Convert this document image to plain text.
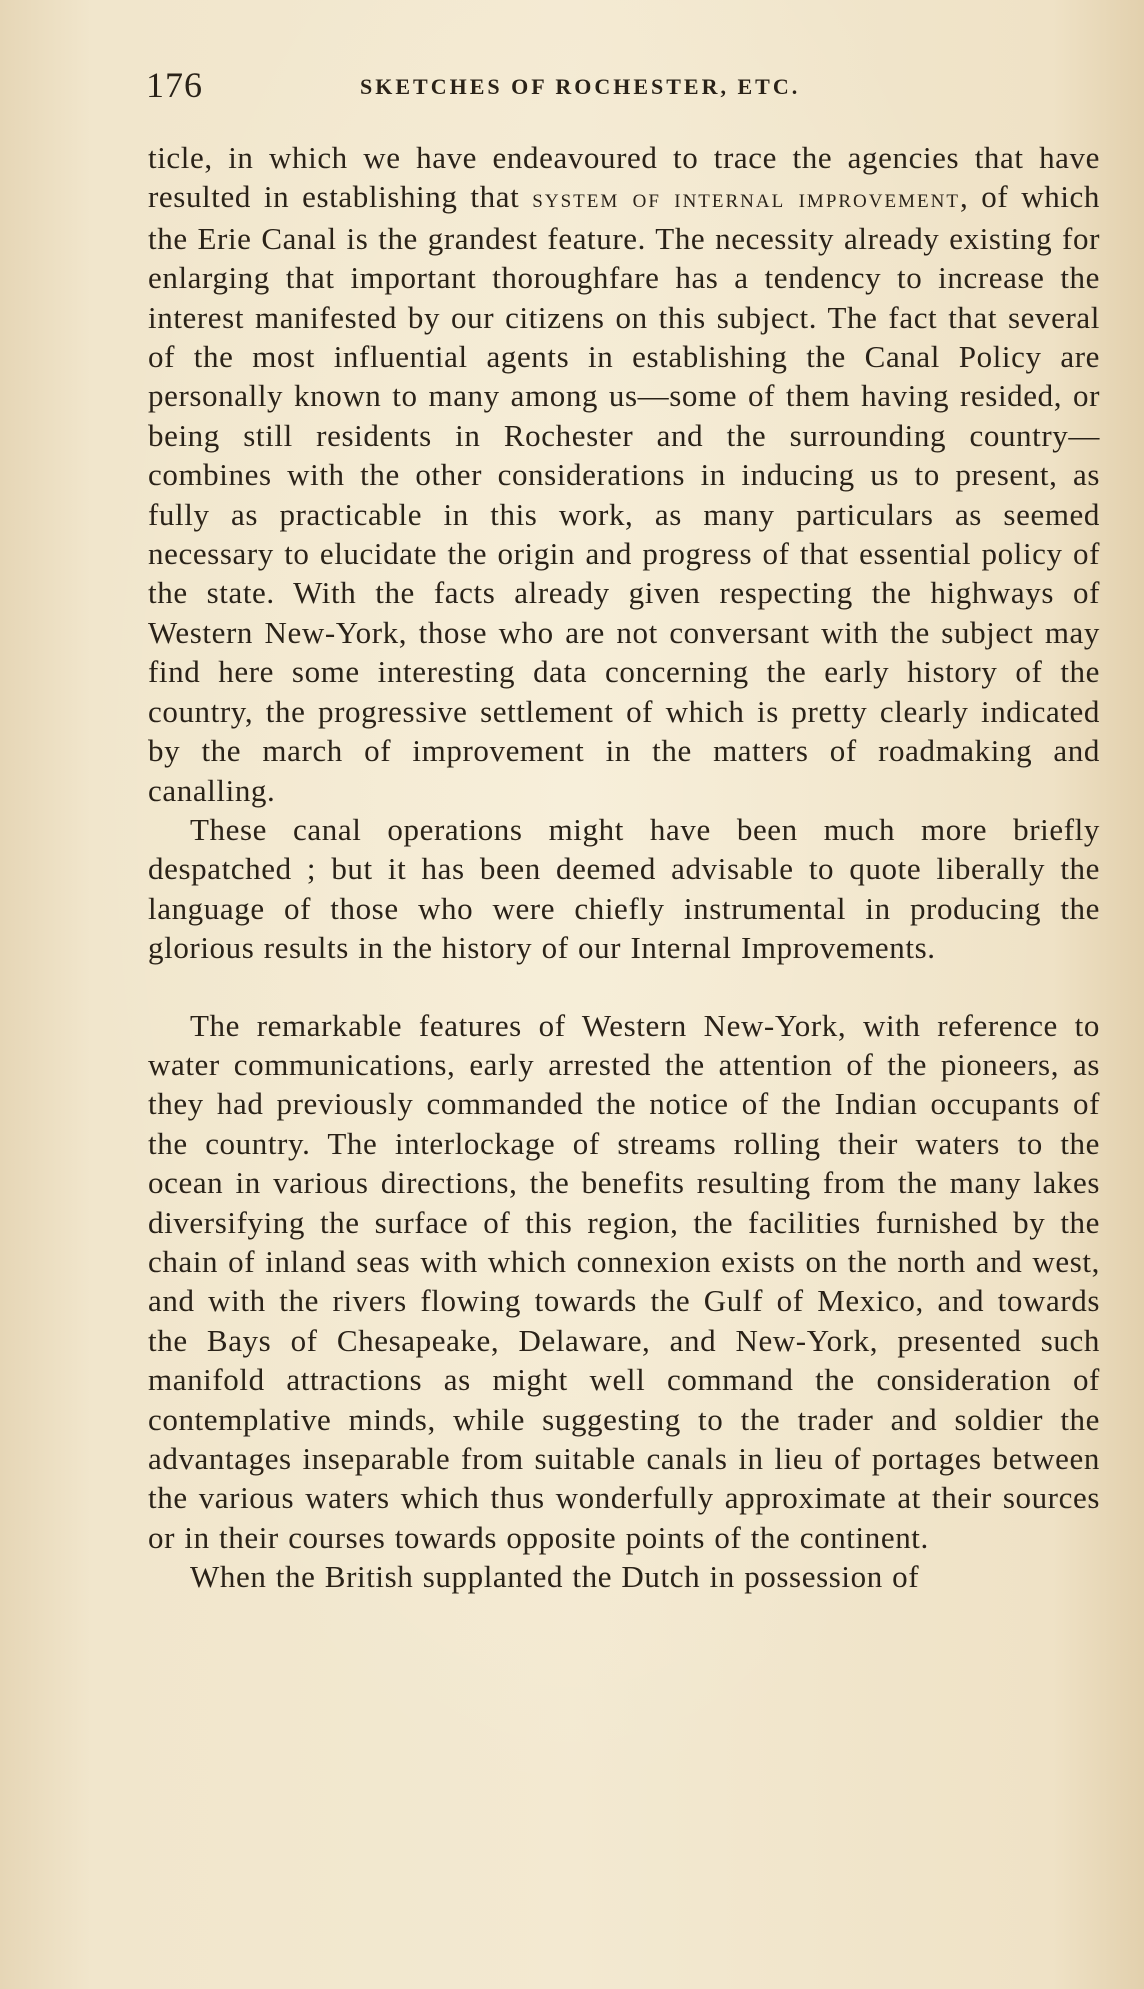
176	SKETCHES OF ROCHESTER, ETC.

ticle, in which we have endeavoured to trace the agencies that have resulted in establishing that system of internal improvement, of which the Erie Canal is the grandest feature. The necessity already existing for enlarging that important thoroughfare has a tendency to increase the interest manifested by our citizens on this subject. The fact that several of the most influential agents in establishing the Canal Policy are personally known to many among us—some of them having resided, or being still residents in Rochester and the surrounding country—combines with the other considerations in inducing us to present, as fully as practicable in this work, as many particulars as seemed necessary to elucidate the origin and progress of that essential policy of the state. With the facts already given respecting the highways of Western New-York, those who are not conversant with the subject may find here some interesting data concerning the early history of the country, the progressive settlement of which is pretty clearly indicated by the march of improvement in the matters of roadmaking and canalling.

These canal operations might have been much more briefly despatched ; but it has been deemed advisable to quote liberally the language of those who were chiefly instrumental in producing the glorious results in the history of our Internal Improvements.

The remarkable features of Western New-York, with reference to water communications, early arrested the attention of the pioneers, as they had previously commanded the notice of the Indian occupants of the country. The interlockage of streams rolling their waters to the ocean in various directions, the benefits resulting from the many lakes diversifying the surface of this region, the facilities furnished by the chain of inland seas with which connexion exists on the north and west, and with the rivers flowing towards the Gulf of Mexico, and towards the Bays of Chesapeake, Delaware, and New-York, presented such manifold attractions as might well command the consideration of contemplative minds, while suggesting to the trader and soldier the advantages inseparable from suitable canals in lieu of portages between the various waters which thus wonderfully approximate at their sources or in their courses towards opposite points of the continent.

When the British supplanted the Dutch in possession of
